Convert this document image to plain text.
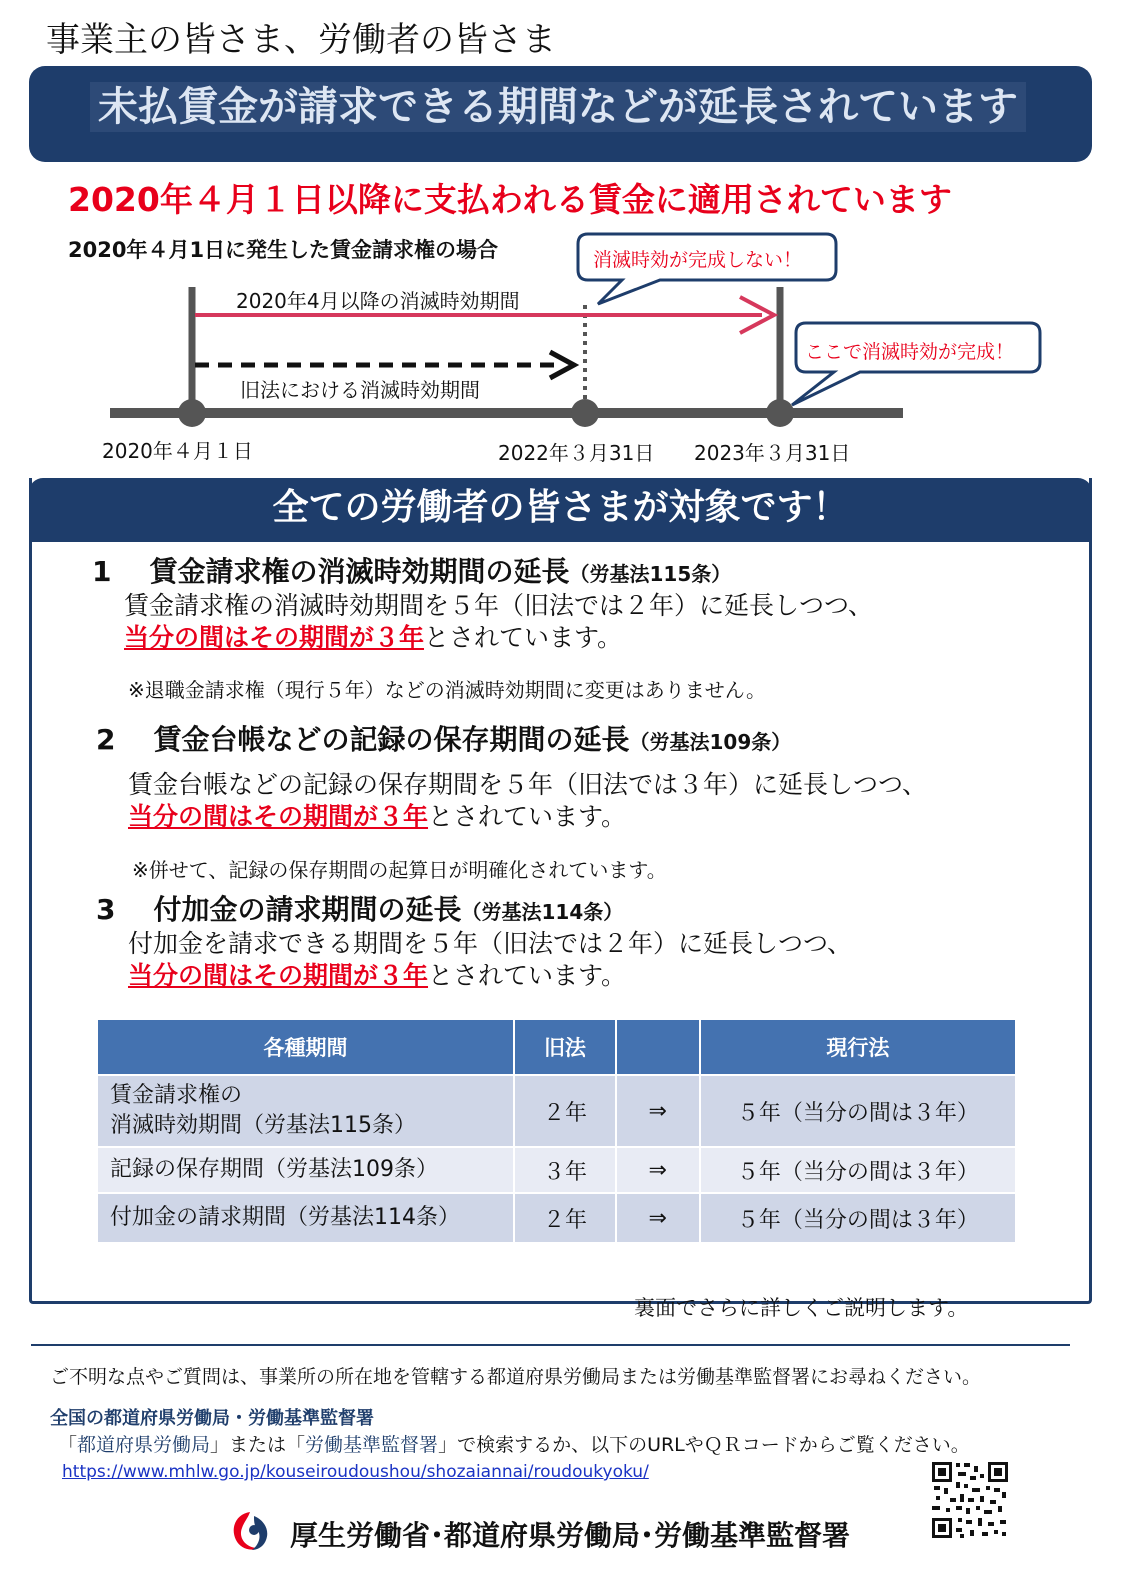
事業主の皆さま、労働者の皆さま
未払賃金が請求できる期間などが延長されています
2020年４月１日以降に支払われる賃金に適用されています
2020年４月1日に発生した賃金請求権の場合	消滅時効が完成しない！
ここで消滅時効が完成！
2020年4月以降の消滅時効期間
旧法における消滅時効期間
2020年４月１日	2022年３月31日 2023年３月31日
全ての労働者の皆さまが対象です！
1 賃金請求権の消滅時効期間の延長（労基法115条）
賃金請求権の消滅時効期間を５年（旧法では２年）に延長しつつ、
当分の間はその期間が３年とされています。
※退職金請求権（現行５年）などの消滅時効期間に変更はありません。
2 賃金台帳などの記録の保存期間の延長（労基法109条）
賃金台帳などの記録の保存期間を５年（旧法では３年）に延長しつつ、
当分の間はその期間が３年とされています。
※併せて、記録の保存期間の起算日が明確化されています。
3 付加金の請求期間の延長（労基法114条）
付加金を請求できる期間を５年（旧法では２年）に延長しつつ、
当分の間はその期間が３年とされています。
各種期間	旧法		現行法

賃金請求権の
消滅時効期間（労基法115条）	２年	⇒	５年（当分の間は３年）
記録の保存期間（労基法109条）	３年	⇒	５年（当分の間は３年）
付加金の請求期間（労基法114条）	２年	⇒	５年（当分の間は３年）
裏面でさらに詳しくご説明します。
ご不明な点やご質問は、事業所の所在地を管轄する都道府県労働局または労働基準監督署にお尋ねください。
全国の都道府県労働局・労働基準監督署
「都道府県労働局」または「労働基準監督署」で検索するか、以下のURLやＱＲコードからご覧ください。
https://www.mhlw.go.jp/kouseiroudoushou/shozaiannai/roudoukyoku/
厚生労働省･都道府県労働局･労働基準監督署
